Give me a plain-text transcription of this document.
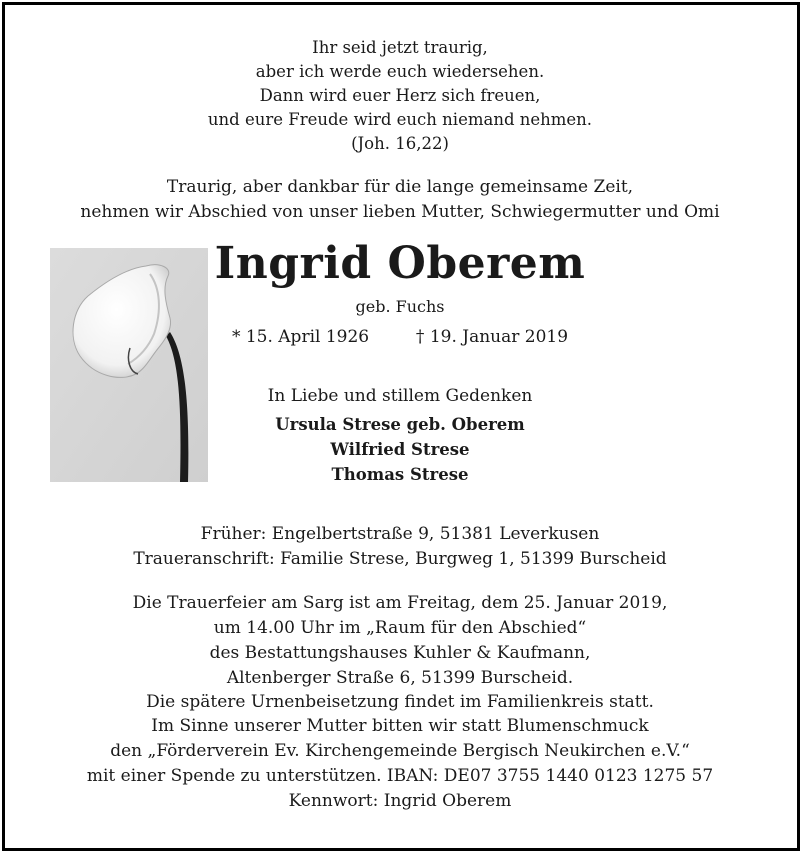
Ihr seid jetzt traurig,
aber ich werde euch wiedersehen.
Dann wird euer Herz sich freuen,
und eure Freude wird euch niemand nehmen.
(Joh. 16,22)
Traurig, aber dankbar für die lange gemeinsame Zeit,
nehmen wir Abschied von unser lieben Mutter, Schwiegermutter und Omi
Ingrid Oberem
geb. Fuchs
* 15. April 1926	† 19. Januar 2019
In Liebe und stillem Gedenken
Ursula Strese geb. Oberem
Wilfried Strese
Thomas Strese
Früher: Engelbertstraße 9, 51381 Leverkusen
Traueranschrift: Familie Strese, Burgweg 1, 51399 Burscheid
Die Trauerfeier am Sarg ist am Freitag, dem 25. Januar 2019,
um 14.00 Uhr im „Raum für den Abschied“
des Bestattungshauses Kuhler & Kaufmann,
Altenberger Straße 6, 51399 Burscheid.
Die spätere Urnenbeisetzung findet im Familienkreis statt.
Im Sinne unserer Mutter bitten wir statt Blumenschmuck
den „Förderverein Ev. Kirchengemeinde Bergisch Neukirchen e.V.“
mit einer Spende zu unterstützen. IBAN: DE07 3755 1440 0123 1275 57
Kennwort: Ingrid Oberem
